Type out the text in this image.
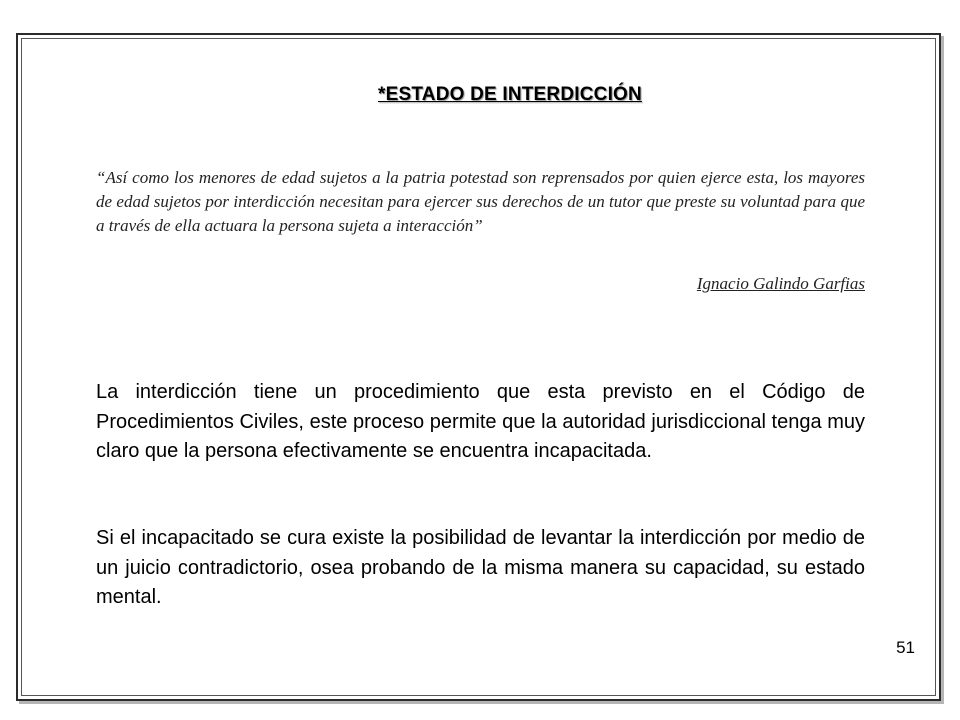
*ESTADO DE INTERDICCIÓN

“Así como los menores de edad sujetos a la patria potestad son reprensados por quien ejerce esta, los mayores de edad sujetos por interdicción necesitan para ejercer sus derechos de un tutor que preste su voluntad para que a través de ella actuara la persona sujeta a interacción”

Ignacio Galindo Garfias

La interdicción tiene un procedimiento que esta previsto en el Código de Procedimientos Civiles, este proceso permite que la autoridad jurisdiccional tenga muy claro que la persona efectivamente se encuentra incapacitada.

Si el incapacitado se cura existe la posibilidad de levantar la interdicción por medio de un juicio contradictorio, osea probando de la misma manera su capacidad, su estado mental.

51
